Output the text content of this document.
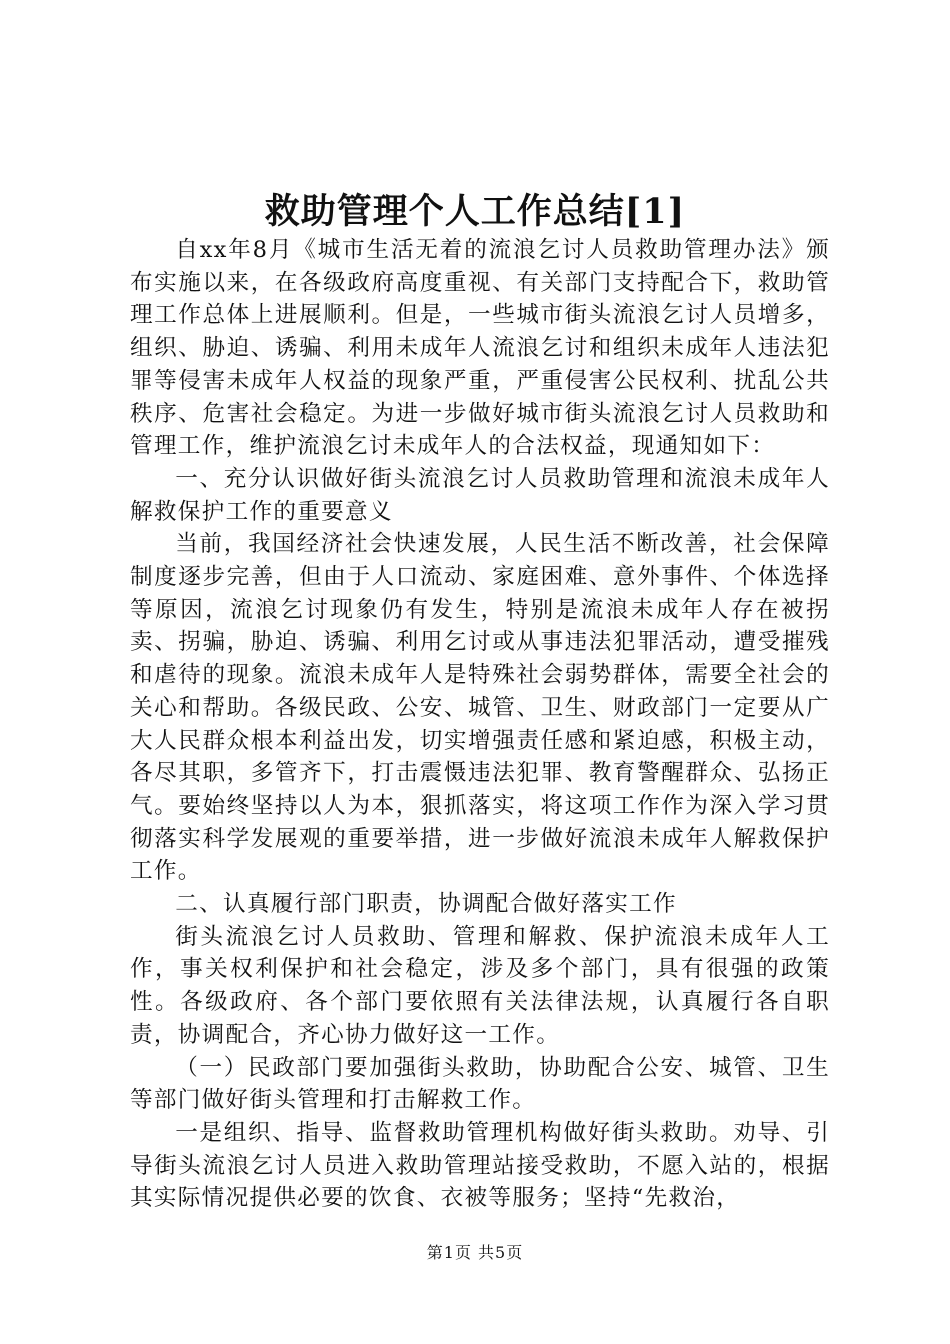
救助管理个人工作总结[1]

自xx年8月《城市生活无着的流浪乞讨人员救助管理办法》颁布实施以来，在各级政府高度重视、有关部门支持配合下，救助管理工作总体上进展顺利。但是，一些城市街头流浪乞讨人员增多，组织、胁迫、诱骗、利用未成年人流浪乞讨和组织未成年人违法犯罪等侵害未成年人权益的现象严重，严重侵害公民权利、扰乱公共秩序、危害社会稳定。为进一步做好城市街头流浪乞讨人员救助和管理工作，维护流浪乞讨未成年人的合法权益，现通知如下：

一、充分认识做好街头流浪乞讨人员救助管理和流浪未成年人解救保护工作的重要意义

当前，我国经济社会快速发展，人民生活不断改善，社会保障制度逐步完善，但由于人口流动、家庭困难、意外事件、个体选择等原因，流浪乞讨现象仍有发生，特别是流浪未成年人存在被拐卖、拐骗，胁迫、诱骗、利用乞讨或从事违法犯罪活动，遭受摧残和虐待的现象。流浪未成年人是特殊社会弱势群体，需要全社会的关心和帮助。各级民政、公安、城管、卫生、财政部门一定要从广大人民群众根本利益出发，切实增强责任感和紧迫感，积极主动，各尽其职，多管齐下，打击震慑违法犯罪、教育警醒群众、弘扬正气。要始终坚持以人为本，狠抓落实，将这项工作作为深入学习贯彻落实科学发展观的重要举措，进一步做好流浪未成年人解救保护工作。

二、认真履行部门职责，协调配合做好落实工作

街头流浪乞讨人员救助、管理和解救、保护流浪未成年人工作，事关权利保护和社会稳定，涉及多个部门，具有很强的政策性。各级政府、各个部门要依照有关法律法规，认真履行各自职责，协调配合，齐心协力做好这一工作。

（一）民政部门要加强街头救助，协助配合公安、城管、卫生等部门做好街头管理和打击解救工作。

一是组织、指导、监督救助管理机构做好街头救助。劝导、引导街头流浪乞讨人员进入救助管理站接受救助，不愿入站的，根据其实际情况提供必要的饮食、衣被等服务；坚持“先救治，

第1页 共5页
